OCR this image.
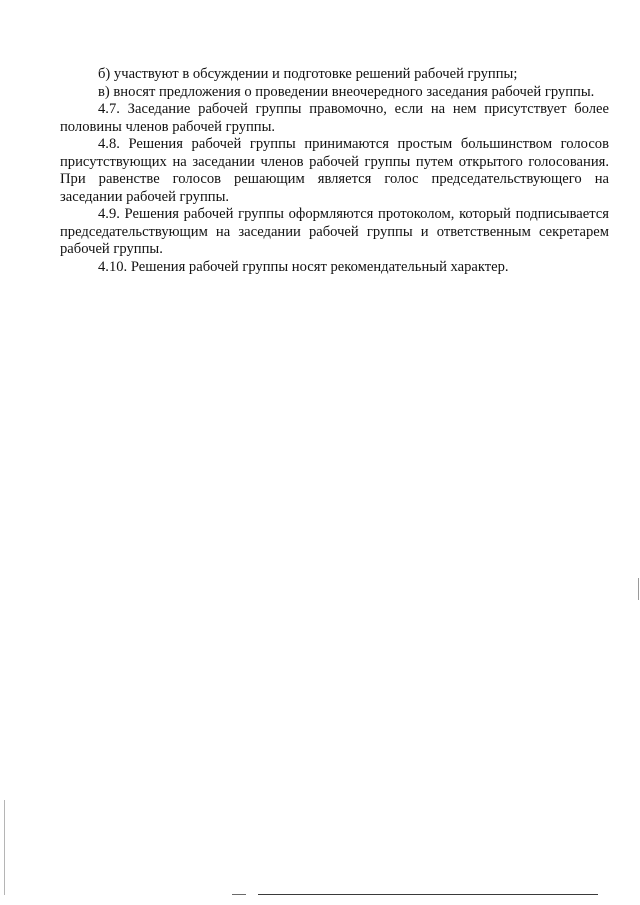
б) участвуют в обсуждении и подготовке решений рабочей группы;

в) вносят предложения о проведении внеочередного заседания рабочей группы.

4.7. Заседание рабочей группы правомочно, если на нем присутствует более половины членов рабочей группы.

4.8. Решения рабочей группы принимаются простым большинством голосов присутствующих на заседании членов рабочей группы путем открытого голосования. При равенстве голосов решающим является голос председательствующего на заседании рабочей группы.

4.9. Решения рабочей группы оформляются протоколом, который подписывается председательствующим на заседании рабочей группы и ответственным секретарем рабочей группы.

4.10. Решения рабочей группы носят рекомендательный характер.
